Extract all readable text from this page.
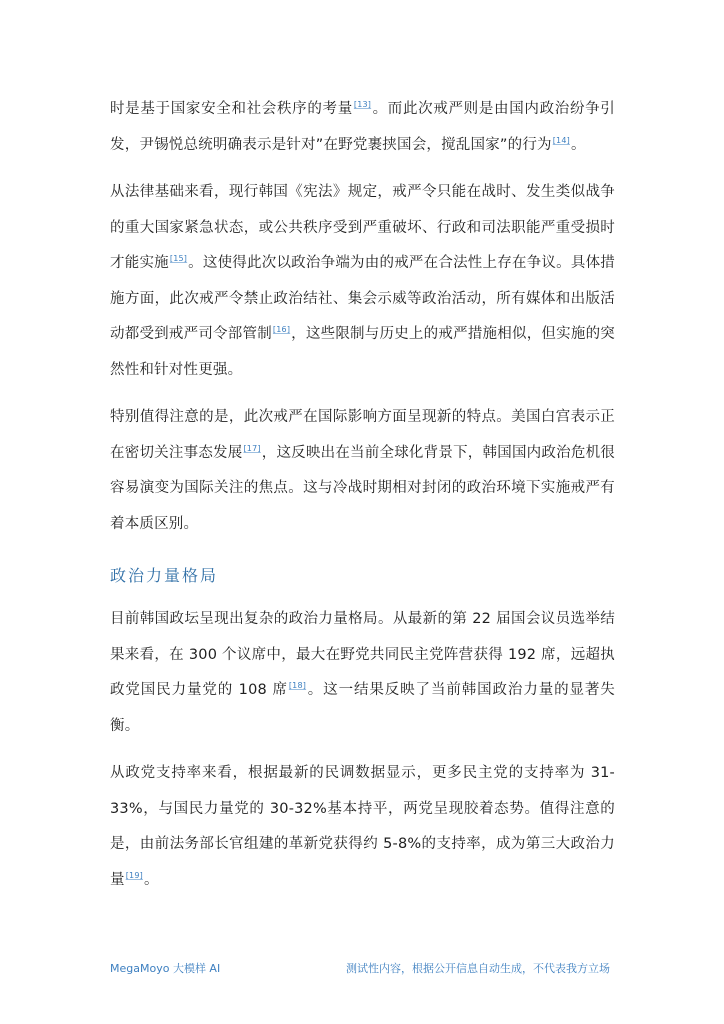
时是基于国家安全和社会秩序的考量[13]。而此次戒严则是由国内政治纷争引发，尹锡悦总统明确表示是针对”在野党裹挟国会，搅乱国家”的行为[14]。

从法律基础来看，现行韩国《宪法》规定，戒严令只能在战时、发生类似战争的重大国家紧急状态，或公共秩序受到严重破坏、行政和司法职能严重受损时才能实施[15]。这使得此次以政治争端为由的戒严在合法性上存在争议。具体措施方面，此次戒严令禁止政治结社、集会示威等政治活动，所有媒体和出版活动都受到戒严司令部管制[16]，这些限制与历史上的戒严措施相似，但实施的突然性和针对性更强。

特别值得注意的是，此次戒严在国际影响方面呈现新的特点。美国白宫表示正在密切关注事态发展[17]，这反映出在当前全球化背景下，韩国国内政治危机很容易演变为国际关注的焦点。这与冷战时期相对封闭的政治环境下实施戒严有着本质区别。

政治力量格局

目前韩国政坛呈现出复杂的政治力量格局。从最新的第 22 届国会议员选举结果来看，在 300 个议席中，最大在野党共同民主党阵营获得 192 席，远超执政党国民力量党的 108 席[18]。这一结果反映了当前韩国政治力量的显著失衡。

从政党支持率来看，根据最新的民调数据显示，更多民主党的支持率为 31-33%，与国民力量党的 30-32%基本持平，两党呈现胶着态势。值得注意的是，由前法务部长官组建的革新党获得约 5-8%的支持率，成为第三大政治力量[19]。

MegaMoyo 大模样 AI	测试性内容，根据公开信息自动生成，不代表我方立场
